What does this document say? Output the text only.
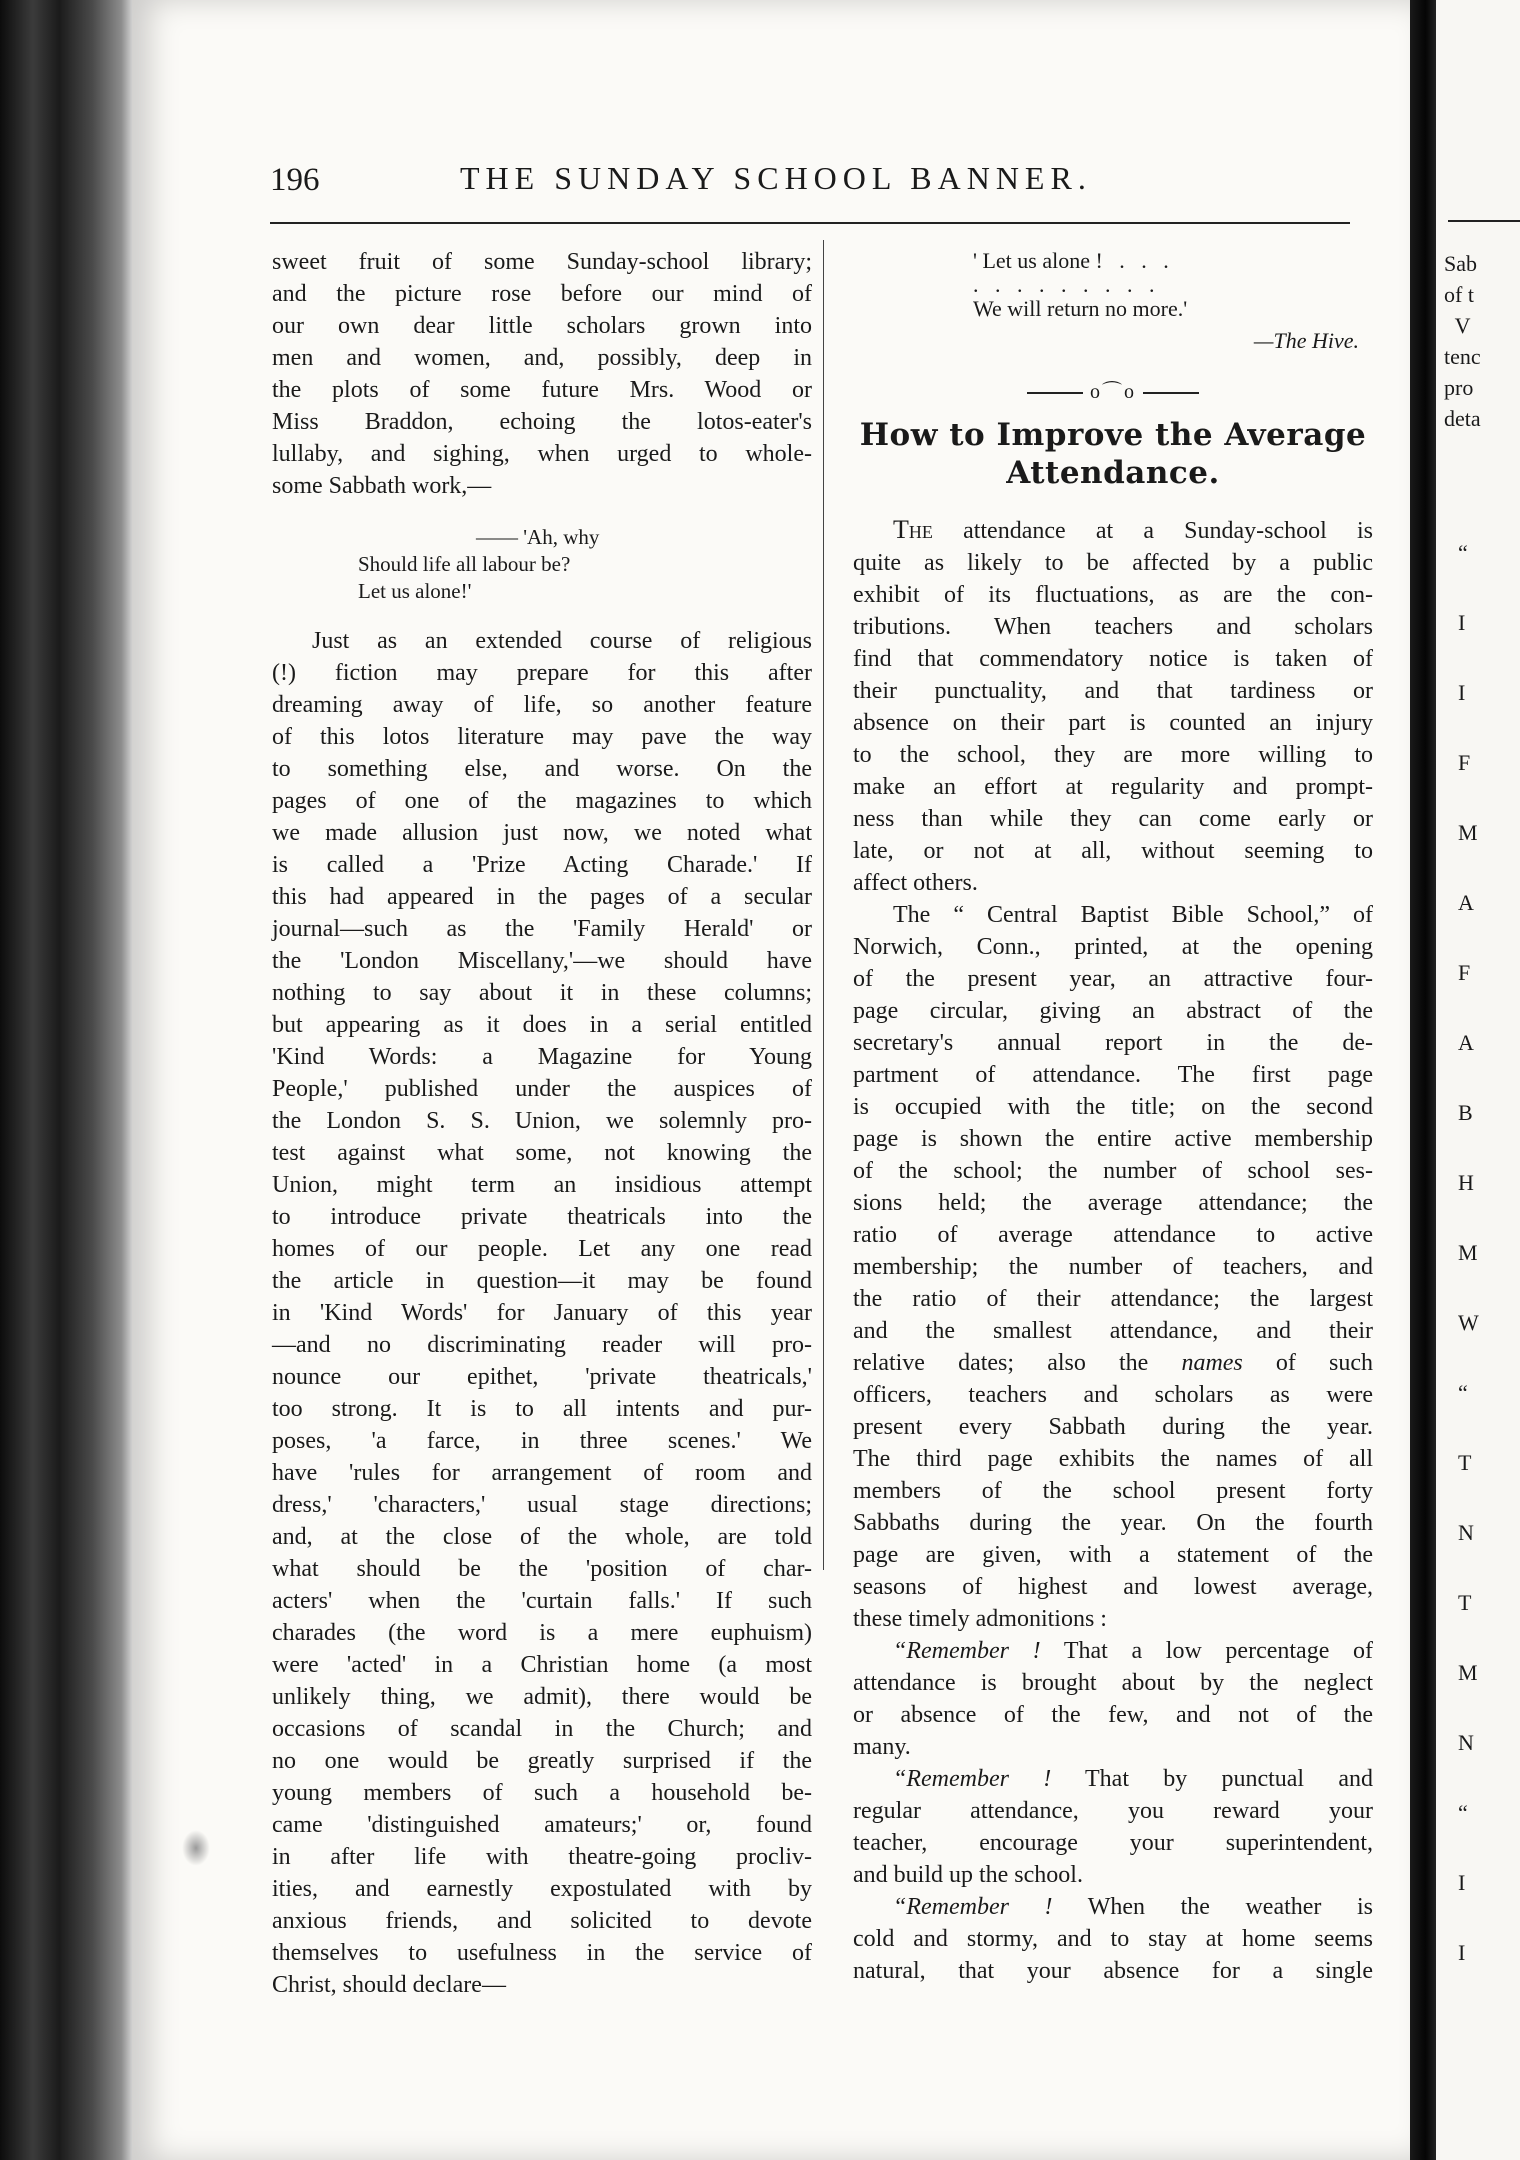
Sab
of t
V
tenc
pro
deta
“
I
I
F
M
A
F
A
B
H
M
W
“
T
N
T
M
N
“
I
I
196	THE SUNDAY SCHOOL BANNER.
sweet fruit of some Sunday-school library;
and the picture rose before our mind of
our own dear little scholars grown into
men and women, and, possibly, deep in
the plots of some future Mrs. Wood or
Miss Braddon, echoing the lotos-eater's
lullaby, and sighing, when urged to whole-
some Sabbath work,—
—— 'Ah, why
Should life all labour be?
Let us alone!'
Just as an extended course of religious
(!) fiction may prepare for this after
dreaming away of life, so another feature
of this lotos literature may pave the way
to something else, and worse. On the
pages of one of the magazines to which
we made allusion just now, we noted what
is called a 'Prize Acting Charade.' If
this had appeared in the pages of a secular
journal—such as the 'Family Herald' or
the 'London Miscellany,'—we should have
nothing to say about it in these columns;
but appearing as it does in a serial entitled
'Kind Words: a Magazine for Young
People,' published under the auspices of
the London S. S. Union, we solemnly pro-
test against what some, not knowing the
Union, might term an insidious attempt
to introduce private theatricals into the
homes of our people. Let any one read
the article in question—it may be found
in 'Kind Words' for January of this year
—and no discriminating reader will pro-
nounce our epithet, 'private theatricals,'
too strong. It is to all intents and pur-
poses, 'a farce, in three scenes.' We
have 'rules for arrangement of room and
dress,' 'characters,' usual stage directions;
and, at the close of the whole, are told
what should be the 'position of char-
acters' when the 'curtain falls.' If such
charades (the word is a mere euphuism)
were 'acted' in a Christian home (a most
unlikely thing, we admit), there would be
occasions of scandal in the Church; and
no one would be greatly surprised if the
young members of such a household be-
came 'distinguished amateurs;' or, found
in after life with theatre-going procliv-
ities, and earnestly expostulated with by
anxious friends, and solicited to devote
themselves to usefulness in the service of
Christ, should declare—
' Let us alone !   .   .   .
.   .   .   .   .   .   .   .   .
We will return no more.'
—The Hive.
o⌒o
How to Improve the Average Attendance.
The attendance at a Sunday-school is
quite as likely to be affected by a public
exhibit of its fluctuations, as are the con-
tributions. When teachers and scholars
find that commendatory notice is taken of
their punctuality, and that tardiness or
absence on their part is counted an injury
to the school, they are more willing to
make an effort at regularity and prompt-
ness than while they can come early or
late, or not at all, without seeming to
affect others.
The “ Central Baptist Bible School,” of
Norwich, Conn., printed, at the opening
of the present year, an attractive four-
page circular, giving an abstract of the
secretary's annual report in the de-
partment of attendance. The first page
is occupied with the title; on the second
page is shown the entire active membership
of the school; the number of school ses-
sions held; the average attendance; the
ratio of average attendance to active
membership; the number of teachers, and
the ratio of their attendance; the largest
and the smallest attendance, and their
relative dates; also the names of such
officers, teachers and scholars as were
present every Sabbath during the year.
The third page exhibits the names of all
members of the school present forty
Sabbaths during the year. On the fourth
page are given, with a statement of the
seasons of highest and lowest average,
these timely admonitions :
“Remember ! That a low percentage of
attendance is brought about by the neglect
or absence of the few, and not of the
many.
“Remember ! That by punctual and
regular attendance, you reward your
teacher, encourage your superintendent,
and build up the school.
“Remember ! When the weather is
cold and stormy, and to stay at home seems
natural, that your absence for a single
